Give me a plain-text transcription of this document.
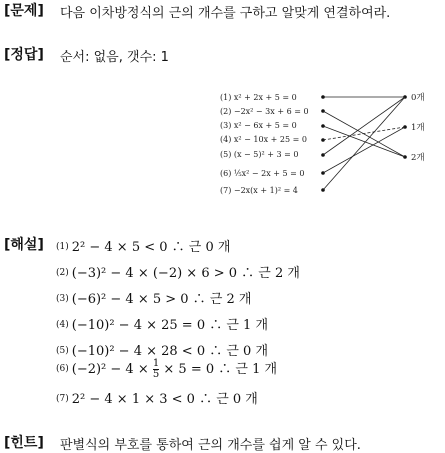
[문제] 다음 이차방정식의 근의 개수를 구하고 알맞게 연결하여라.
[정답] 순서: 없음, 갯수: 1
(1) x² + 2x + 5 = 0
(2) −2x² − 3x + 6 = 0
(3) x² − 6x + 5 = 0
(4) x² − 10x + 25 = 0
(5) (x − 5)² + 3 = 0
(6) ⅕x² − 2x + 5 = 0
(7) −2x(x + 1)² = 4
0개
1개
2개
[해설] (1) 2² − 4 × 5 < 0 ∴ 근 0 개
(2) (−3)² − 4 × (−2) × 6 > 0 ∴ 근 2 개
(3) (−6)² − 4 × 5 > 0 ∴ 근 2 개
(4) (−10)² − 4 × 25 = 0 ∴ 근 1 개
(5) (−10)² − 4 × 28 < 0 ∴ 근 0 개
(6) $(-2)^2 - 4 \times \frac{1}{5} \times 5 = 0$ ∴ 근 1 개
(7) 2² − 4 × 1 × 3 < 0 ∴ 근 0 개
[힌트] 판별식의 부호를 통하여 근의 개수를 쉽게 알 수 있다.
